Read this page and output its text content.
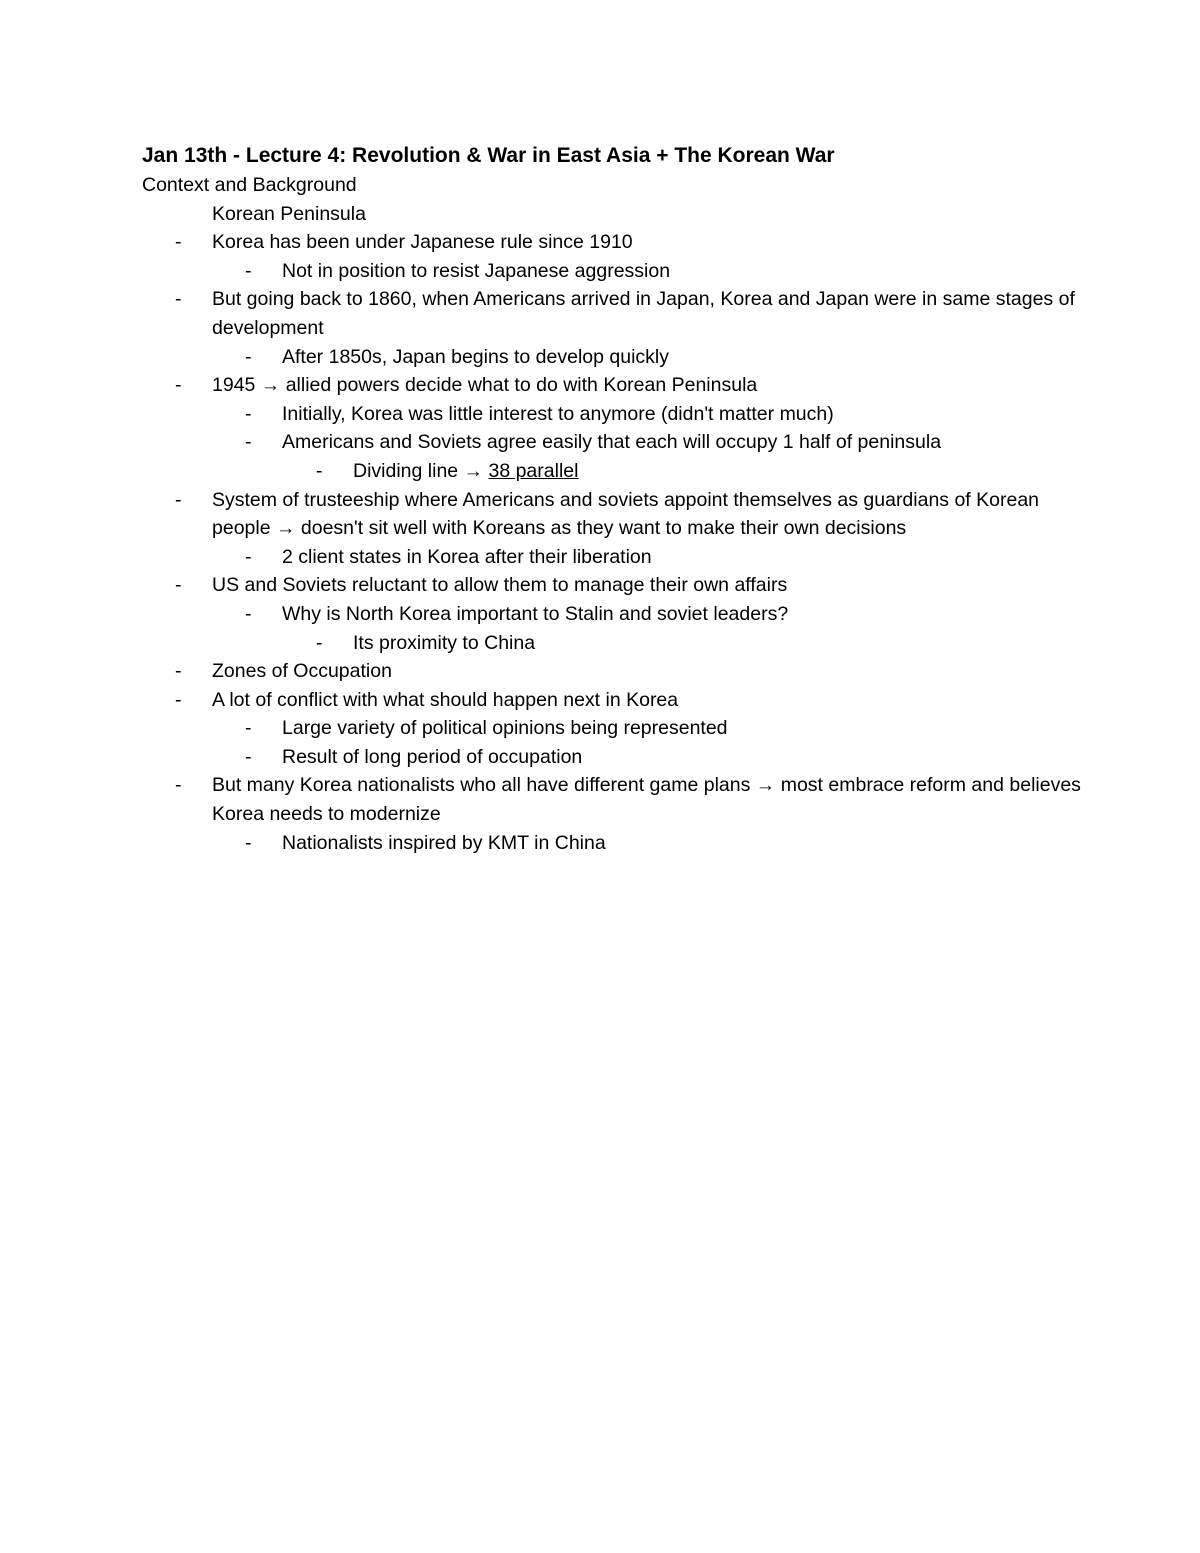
Jan 13th - Lecture 4: Revolution & War in East Asia + The Korean War

Context and Background

Korean Peninsula

- Korea has been under Japanese rule since 1910
- Not in position to resist Japanese aggression
- But going back to 1860, when Americans arrived in Japan, Korea and Japan were in same stages of development
- After 1850s, Japan begins to develop quickly
- 1945 → allied powers decide what to do with Korean Peninsula
- Initially, Korea was little interest to anymore (didn't matter much)
- Americans and Soviets agree easily that each will occupy 1 half of peninsula
- Dividing line → 38 parallel
- System of trusteeship where Americans and soviets appoint themselves as guardians of Korean people → doesn't sit well with Koreans as they want to make their own decisions
- 2 client states in Korea after their liberation
- US and Soviets reluctant to allow them to manage their own affairs
- Why is North Korea important to Stalin and soviet leaders?
- Its proximity to China
- Zones of Occupation
- A lot of conflict with what should happen next in Korea
- Large variety of political opinions being represented
- Result of long period of occupation
- But many Korea nationalists who all have different game plans → most embrace reform and believes Korea needs to modernize
- Nationalists inspired by KMT in China
